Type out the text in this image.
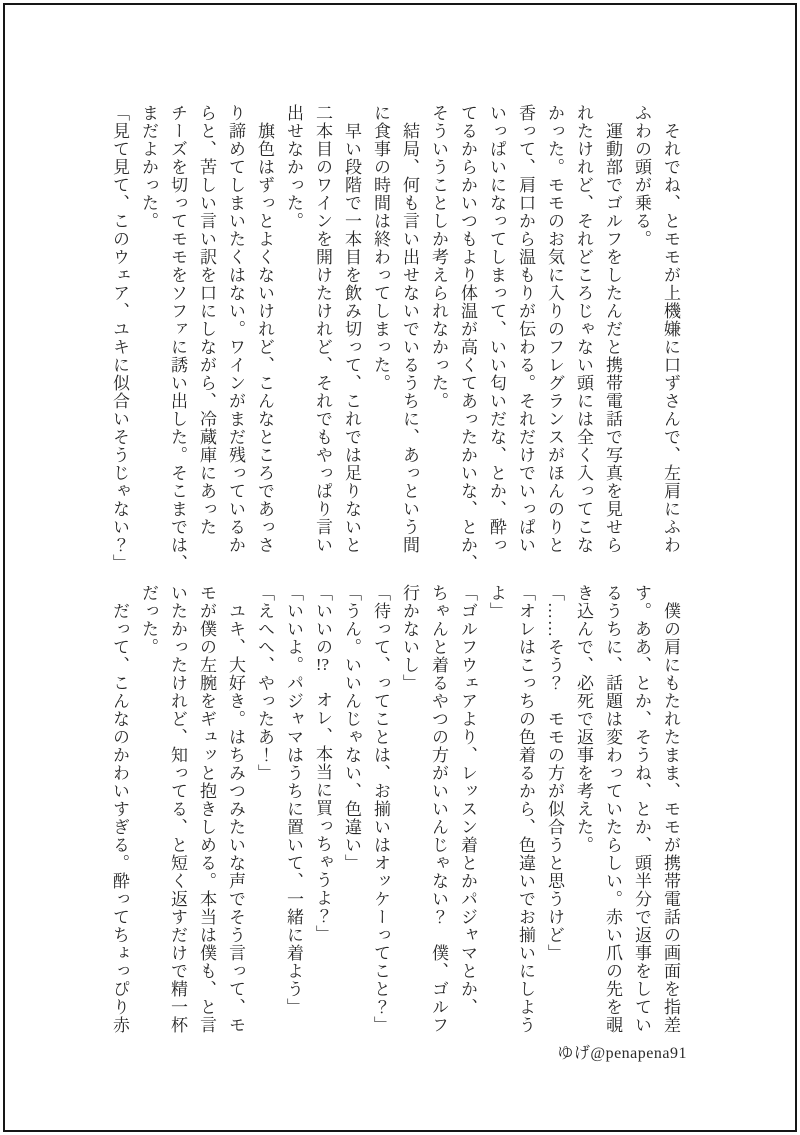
　それでね、とモモが上機嫌に口ずさんで、左肩にふわ

ふわの頭が乗る。

　運動部でゴルフをしたんだと携帯電話で写真を見せら

れたけれど、それどころじゃない頭には全く入ってこな

かった。モモのお気に入りのフレグランスがほんのりと

香って、肩口から温もりが伝わる。それだけでいっぱい

いっぱいになってしまって、いい匂いだな、とか、酔っ

てるからかいつもより体温が高くてあったかいな、とか、

そういうことしか考えられなかった。

　結局、何も言い出せないでいるうちに、あっという間

に食事の時間は終わってしまった。

　早い段階で一本目を飲み切って、これでは足りないと

二本目のワインを開けたけれど、それでもやっぱり言い

出せなかった。

　旗色はずっとよくないけれど、こんなところであっさ

り諦めてしまいたくはない。ワインがまだ残っているか

らと、苦しい言い訳を口にしながら、冷蔵庫にあった

チーズを切ってモモをソファに誘い出した。そこまでは、

まだよかった。

「見て見て、このウェア、ユキに似合いそうじゃない？」

　僕の肩にもたれたまま、モモが携帯電話の画面を指差

す。ああ、とか、そうね、とか、頭半分で返事をしてい

るうちに、話題は変わっていたらしい。赤い爪の先を覗

き込んで、必死で返事を考えた。

「……そう？　モモの方が似合うと思うけど」

「オレはこっちの色着るから、色違いでお揃いにしよう

よ」

「ゴルフウェアより、レッスン着とかパジャマとか、

ちゃんと着るやつの方がいいんじゃない？　僕、ゴルフ

行かないし」

「待って、ってことは、お揃いはオッケーってこと？」

「うん。いいんじゃない、色違い」

「いいの!?　オレ、本当に買っちゃうよ？」

「いいよ。パジャマはうちに置いて、一緒に着よう」

「えへへ、やったあ！」

　ユキ、大好き。はちみつみたいな声でそう言って、モ

モが僕の左腕をギュッと抱きしめる。本当は僕も、と言

いたかったけれど、知ってる、と短く返すだけで精一杯

だった。

　だって、こんなのかわいすぎる。酔ってちょっぴり赤

ゆげ@penapena91
